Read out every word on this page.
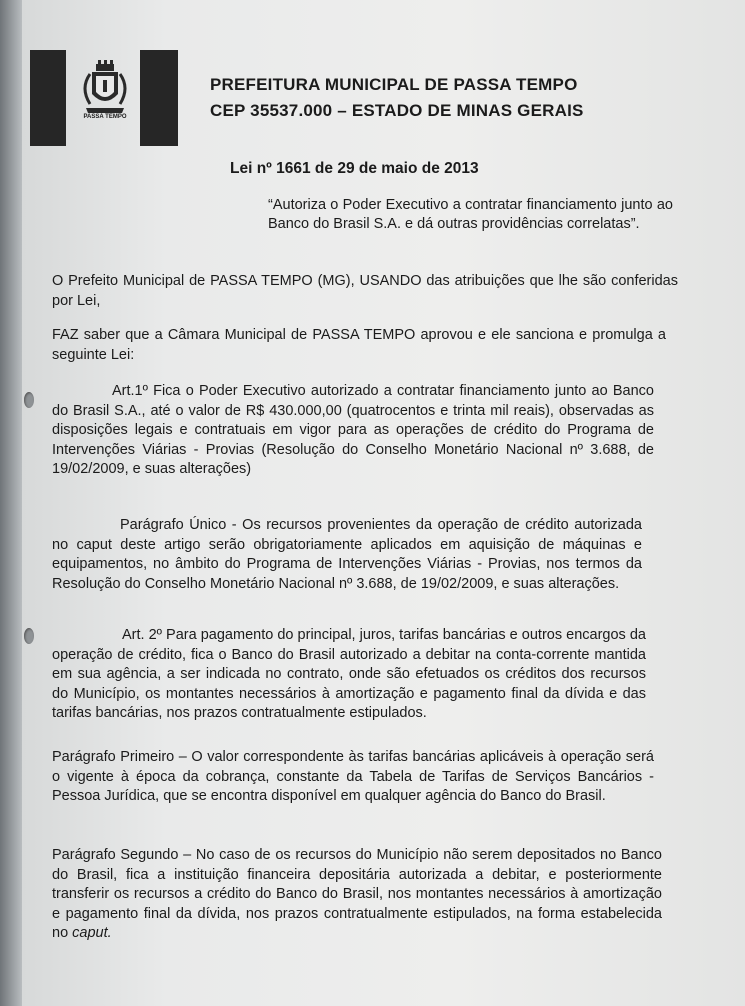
PASSA TEMPO
PREFEITURA MUNICIPAL DE PASSA TEMPO
CEP 35537.000 – ESTADO DE MINAS GERAIS
Lei nº 1661 de 29 de maio de 2013
“Autoriza o Poder Executivo a contratar financiamento junto ao Banco do Brasil S.A. e dá outras providências correlatas”.
O Prefeito Municipal de PASSA TEMPO (MG), USANDO das atribuições que lhe são conferidas por Lei,
FAZ saber que a Câmara Municipal de PASSA TEMPO aprovou e ele sanciona e promulga a seguinte Lei:
Art.1º Fica o Poder Executivo autorizado a contratar financiamento junto ao Banco do Brasil S.A., até o valor de R$ 430.000,00 (quatrocentos e trinta mil reais), observadas as disposições legais e contratuais em vigor para as operações de crédito do Programa de Intervenções Viárias - Provias (Resolução do Conselho Monetário Nacional nº 3.688, de 19/02/2009, e suas alterações)
Parágrafo Único - Os recursos provenientes da operação de crédito autorizada no caput deste artigo serão obrigatoriamente aplicados em aquisição de máquinas e equipamentos, no âmbito do Programa de Intervenções Viárias - Provias, nos termos da Resolução do Conselho Monetário Nacional nº 3.688, de 19/02/2009, e suas alterações.
Art. 2º Para pagamento do principal, juros, tarifas bancárias e outros encargos da operação de crédito, fica o Banco do Brasil autorizado a debitar na conta-corrente mantida em sua agência, a ser indicada no contrato, onde são efetuados os créditos dos recursos do Município, os montantes necessários à amortização e pagamento final da dívida e das tarifas bancárias, nos prazos contratualmente estipulados.
Parágrafo Primeiro – O valor correspondente às tarifas bancárias aplicáveis à operação será o vigente à época da cobrança, constante da Tabela de Tarifas de Serviços Bancários - Pessoa Jurídica, que se encontra disponível em qualquer agência do Banco do Brasil.
Parágrafo Segundo – No caso de os recursos do Município não serem depositados no Banco do Brasil, fica a instituição financeira depositária autorizada a debitar, e posteriormente transferir os recursos a crédito do Banco do Brasil, nos montantes necessários à amortização e pagamento final da dívida, nos prazos contratualmente estipulados, na forma estabelecida no caput.
